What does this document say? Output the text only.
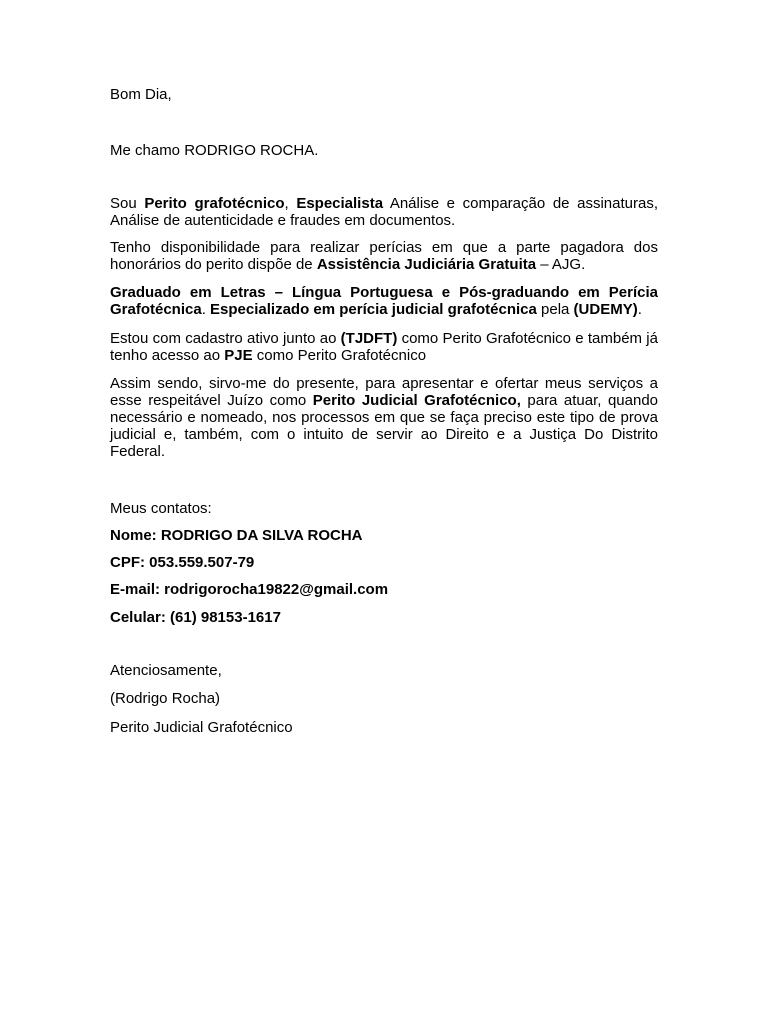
Bom Dia,

Me chamo RODRIGO ROCHA.

Sou Perito grafotécnico, Especialista Análise e comparação de assinaturas, Análise de autenticidade e fraudes em documentos.

Tenho disponibilidade para realizar perícias em que a parte pagadora dos honorários do perito dispõe de Assistência Judiciária Gratuita – AJG.

Graduado em Letras – Língua Portuguesa e Pós-graduando em Perícia Grafotécnica. Especializado em perícia judicial grafotécnica pela (UDEMY).

Estou com cadastro ativo junto ao (TJDFT) como Perito Grafotécnico e também já tenho acesso ao PJE como Perito Grafotécnico

Assim sendo, sirvo-me do presente, para apresentar e ofertar meus serviços a esse respeitável Juízo como Perito Judicial Grafotécnico, para atuar, quando necessário e nomeado, nos processos em que se faça preciso este tipo de prova judicial e, também, com o intuito de servir ao Direito e a Justiça Do Distrito Federal.

Meus contatos:

Nome: RODRIGO DA SILVA ROCHA

CPF: 053.559.507-79

E-mail: rodrigorocha19822@gmail.com

Celular: (61) 98153-1617

Atenciosamente,

(Rodrigo Rocha)

Perito Judicial Grafotécnico
